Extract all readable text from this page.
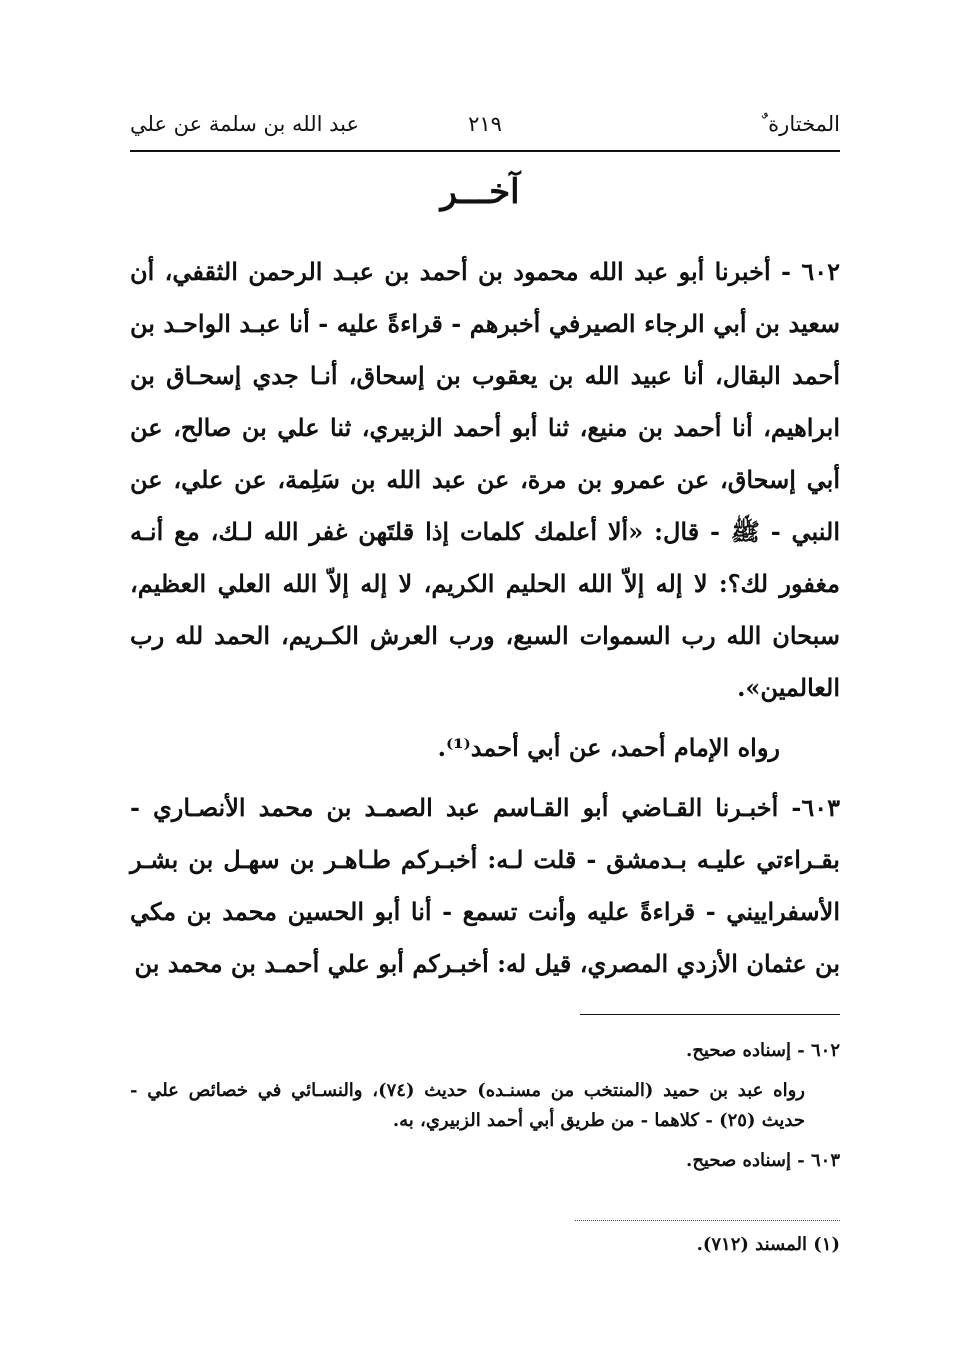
المختارة ٌ
٢١٩
عبد الله بن سلمة عن علي
آخـــر
٦٠٢ - أخبرنا أبو عبد الله محمود بن أحمد بن عبـد الرحمن الثقفي، أن سعيد بن أبي الرجاء الصيرفي أخبرهم - قراءةً عليه - أنا عبـد الواحـد بن أحمد البقال، أنا عبيد الله بن يعقوب بن إسحاق، أنـا جدي إسحـاق بن ابراهيم، أنا أحمد بن منيع، ثنا أبو أحمد الزبيري، ثنا علي بن صالح، عن أبي إسحاق، عن عمرو بن مرة، عن عبد الله بن سَلِمة، عن علي، عن النبي - ﷺ - قال: «ألا أعلمك كلمات إذا قلتَهن غفر الله لـك، مع أنـه مغفور لك؟: لا إله إلاّ الله الحليم الكريم، لا إله إلاّ الله العلي العظيم، سبحان الله رب السموات السبع، ورب العرش الكـريم، الحمد لله رب العالمين».
رواه الإمام أحمد، عن أبي أحمد⁽¹⁾.
٦٠٣- أخبـرنا القـاضي أبو القـاسم عبد الصمـد بن محمد الأنصـاري - بقـراءتي عليـه بـدمشق - قلت لـه: أخبـركم طـاهـر بن سهـل بن بشـر الأسفراييني - قراءةً عليه وأنت تسمع - أنا أبو الحسين محمد بن مكي بن عثمان الأزدي المصري، قيل له: أخبـركم أبو علي أحمـد بن محمد بن
٦٠٢ - إسناده صحيح.
رواه عبد بن حميد (المنتخب من مسنـده) حديث (٧٤)، والنسـائي في خصائص علي - حديث (٢٥) - كلاهما - من طريق أبي أحمد الزبيري، به.
٦٠٣ - إسناده صحيح.
(١) المسند (٧١٢).
